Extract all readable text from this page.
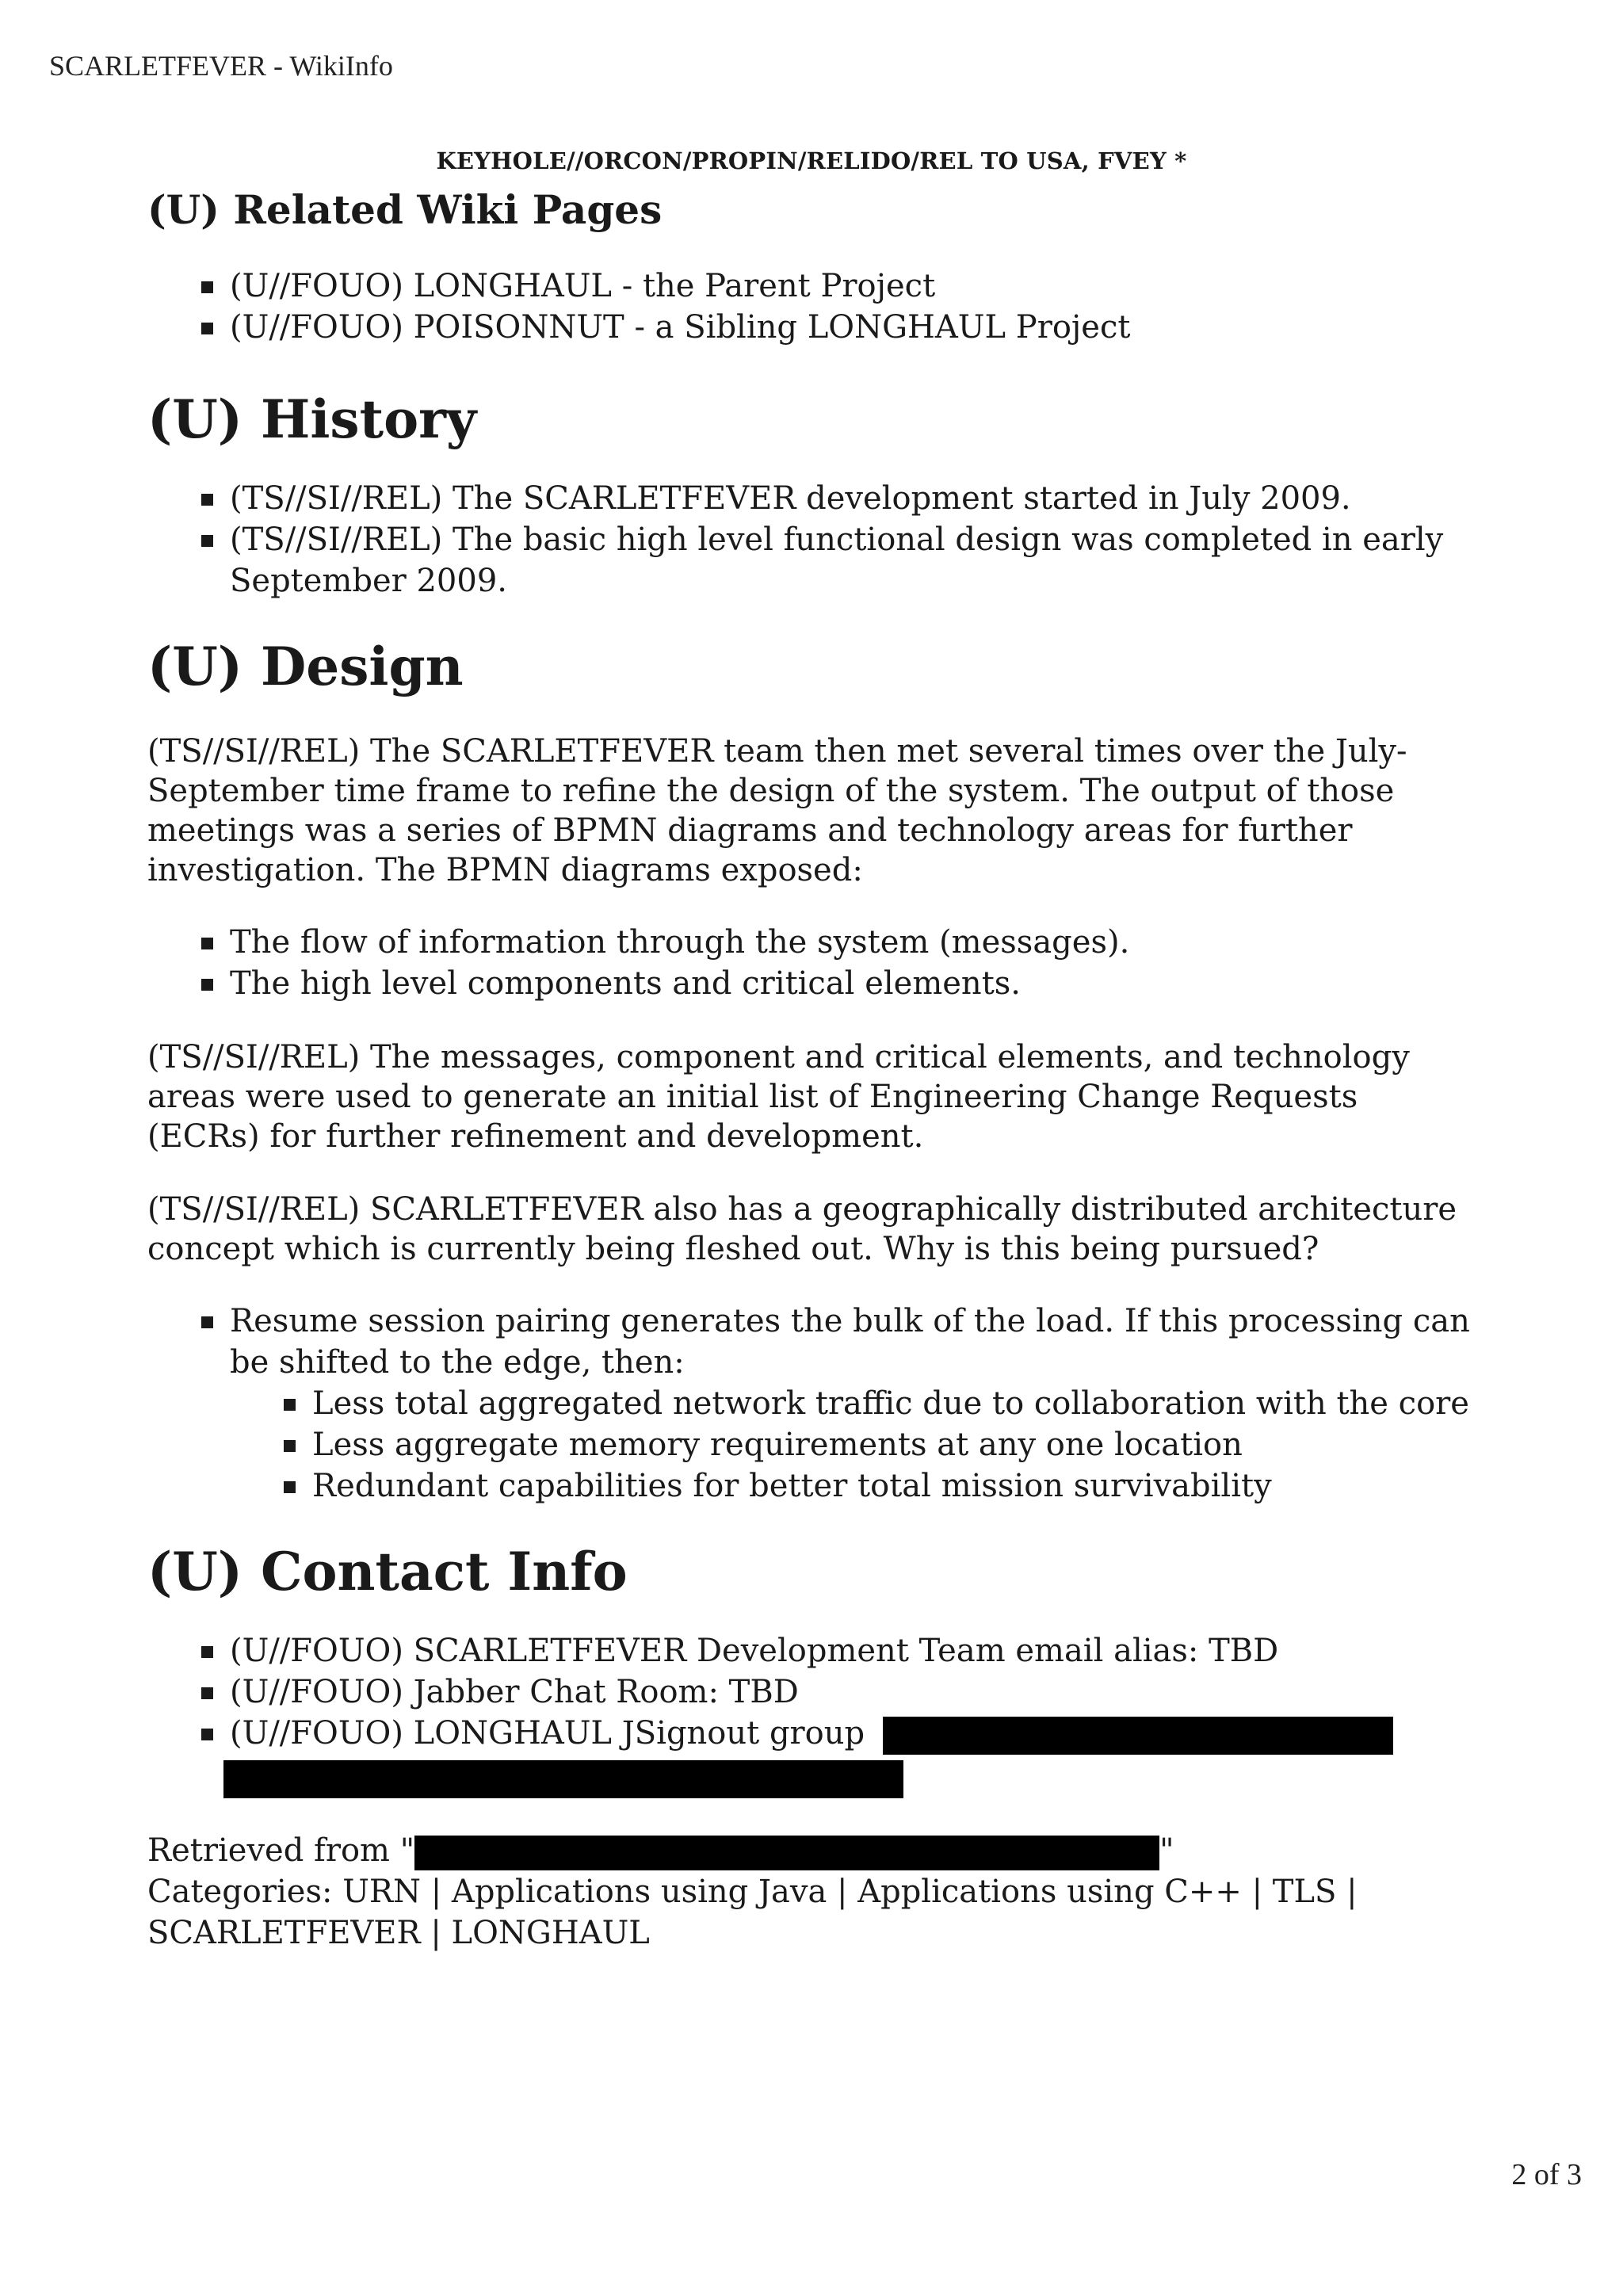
SCARLETFEVER - WikiInfo
KEYHOLE//ORCON/PROPIN/RELIDO/REL TO USA, FVEY *
(U) Related Wiki Pages
(U//FOUO) LONGHAUL - the Parent Project
(U//FOUO) POISONNUT - a Sibling LONGHAUL Project
(U) History
(TS//SI//REL) The SCARLETFEVER development started in July 2009.
(TS//SI//REL) The basic high level functional design was completed in early September 2009.
(U) Design

(TS//SI//REL) The SCARLETFEVER team then met several times over the July-September time frame to refine the design of the system. The output of those meetings was a series of BPMN diagrams and technology areas for further investigation. The BPMN diagrams exposed:

The flow of information through the system (messages).
The high level components and critical elements.

(TS//SI//REL) The messages, component and critical elements, and technology areas were used to generate an initial list of Engineering Change Requests (ECRs) for further refinement and development.

(TS//SI//REL) SCARLETFEVER also has a geographically distributed architecture concept which is currently being fleshed out. Why is this being pursued?

Resume session pairing generates the bulk of the load. If this processing can be shifted to the edge, then:
Less total aggregated network traffic due to collaboration with the core
Less aggregate memory requirements at any one location
Redundant capabilities for better total mission survivability
(U) Contact Info
(U//FOUO) SCARLETFEVER Development Team email alias: TBD
(U//FOUO) Jabber Chat Room: TBD
(U//FOUO) LONGHAUL JSignout group

Retrieved from "	"
Categories: URN | Applications using Java | Applications using C++ | TLS | SCARLETFEVER | LONGHAUL
2 of 3
